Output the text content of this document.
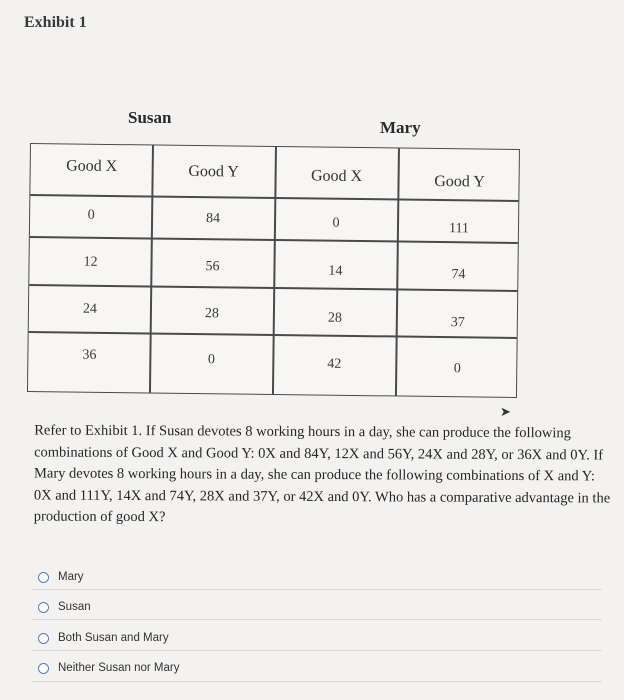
Exhibit 1
Susan
Mary
Good X	Good Y	Good X	Good Y
0	84	0	111
12	56	14	74
24	28	28	37
36	0	42	0
➤
Refer to Exhibit 1. If Susan devotes 8 working hours in a day, she can produce the following combinations of Good X and Good Y: 0X and 84Y, 12X and 56Y, 24X and 28Y, or 36X and 0Y. If Mary devotes 8 working hours in a day, she can produce the following combinations of X and Y: 0X and 111Y, 14X and 74Y, 28X and 37Y, or 42X and 0Y. Who has a comparative advantage in the production of good X?
Mary
Susan
Both Susan and Mary
Neither Susan nor Mary
